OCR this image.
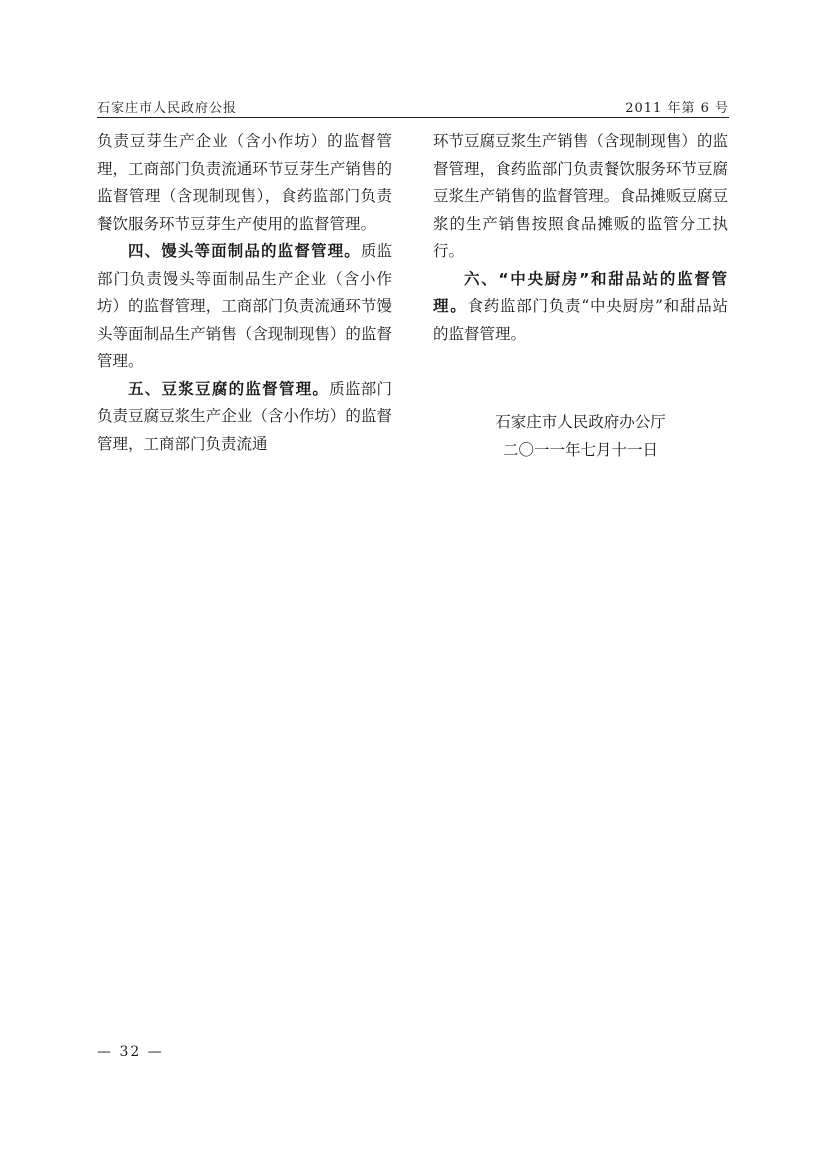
石家庄市人民政府公报	2011 年第 6 号

负责豆芽生产企业（含小作坊）的监督管理，工商部门负责流通环节豆芽生产销售的监督管理（含现制现售），食药监部门负责餐饮服务环节豆芽生产使用的监督管理。

四、馒头等面制品的监督管理。质监部门负责馒头等面制品生产企业（含小作坊）的监督管理，工商部门负责流通环节馒头等面制品生产销售（含现制现售）的监督管理。

五、豆浆豆腐的监督管理。质监部门负责豆腐豆浆生产企业（含小作坊）的监督管理，工商部门负责流通

环节豆腐豆浆生产销售（含现制现售）的监督管理，食药监部门负责餐饮服务环节豆腐豆浆生产销售的监督管理。食品摊贩豆腐豆浆的生产销售按照食品摊贩的监管分工执行。

六、“中央厨房”和甜品站的监督管理。食药监部门负责“中央厨房”和甜品站的监督管理。

石家庄市人民政府办公厅
二〇一一年七月十一日
— 32 —
